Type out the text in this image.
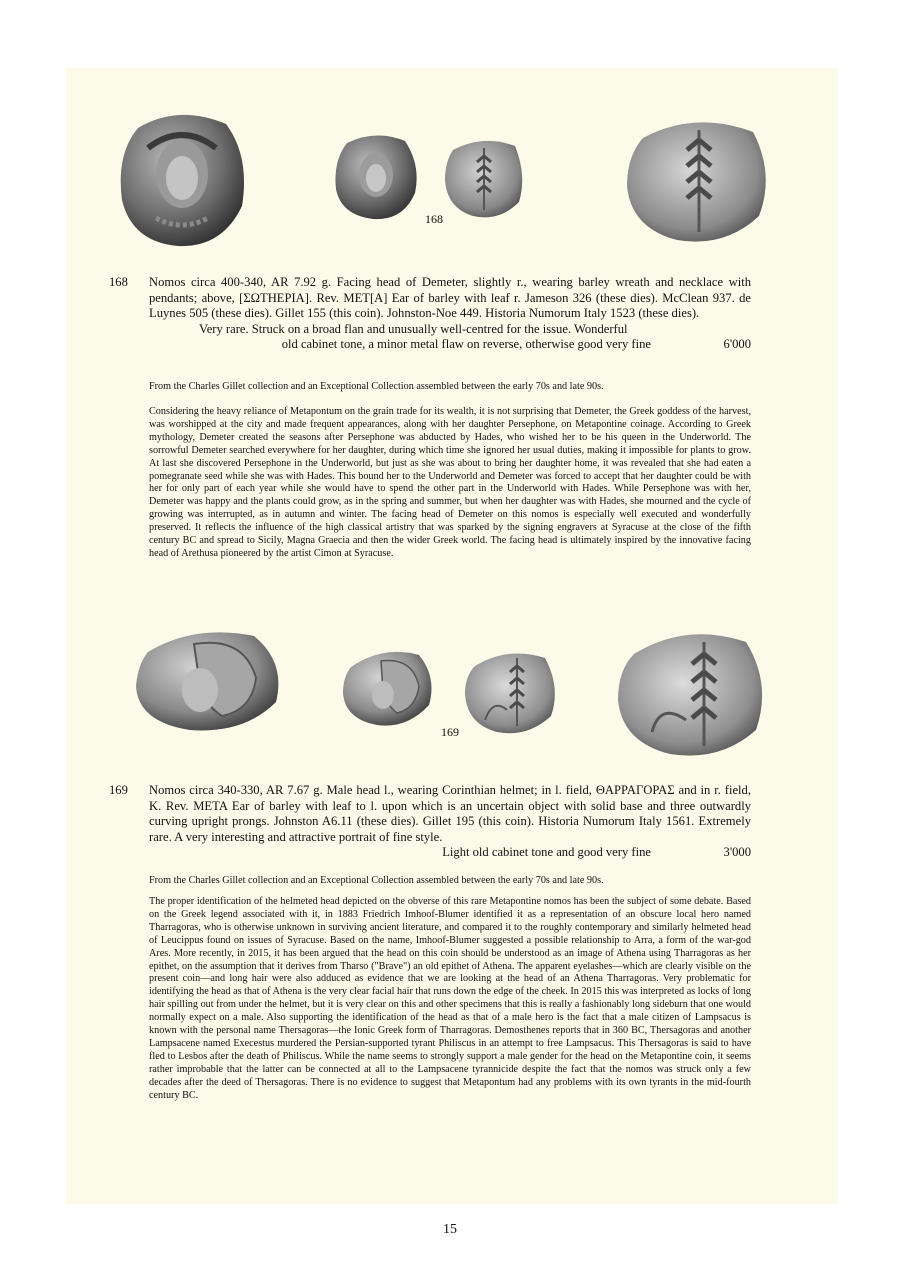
168
168 Nomos circa 400-340, AR 7.92 g. Facing head of Demeter, slightly r., wearing barley wreath and necklace with pendants; above, [ΣΩTHEPIA]. Rev. MET[A] Ear of barley with leaf r. Jameson 326 (these dies). McClean 937. de Luynes 505 (these dies). Gillet 155 (this coin). Johnston-Noe 449. Historia Numorum Italy 1523 (these dies).
Very rare. Struck on a broad flan and unusually well-centred for the issue. Wonderful
old cabinet tone, a minor metal flaw on reverse, otherwise good very fine	6'000
From the Charles Gillet collection and an Exceptional Collection assembled between the early 70s and late 90s.
Considering the heavy reliance of Metapontum on the grain trade for its wealth, it is not surprising that Demeter, the Greek goddess of the harvest, was worshipped at the city and made frequent appearances, along with her daughter Persephone, on Metapontine coinage. According to Greek mythology, Demeter created the seasons after Persephone was abducted by Hades, who wished her to be his queen in the Underworld. The sorrowful Demeter searched everywhere for her daughter, during which time she ignored her usual duties, making it impossible for plants to grow. At last she discovered Persephone in the Underworld, but just as she was about to bring her daughter home, it was revealed that she had eaten a pomegranate seed while she was with Hades. This bound her to the Underworld and Demeter was forced to accept that her daughter could be with her for only part of each year while she would have to spend the other part in the Underworld with Hades. While Persephone was with her, Demeter was happy and the plants could grow, as in the spring and summer, but when her daughter was with Hades, she mourned and the cycle of growing was interrupted, as in autumn and winter. The facing head of Demeter on this nomos is especially well executed and wonderfully preserved. It reflects the influence of the high classical artistry that was sparked by the signing engravers at Syracuse at the close of the fifth century BC and spread to Sicily, Magna Graecia and then the wider Greek world. The facing head is ultimately inspired by the innovative facing head of Arethusa pioneered by the artist Cimon at Syracuse.
169
169 Nomos circa 340-330, AR 7.67 g. Male head l., wearing Corinthian helmet; in l. field, ΘAPPAΓOPAΣ and in r. field, K. Rev. META Ear of barley with leaf to l. upon which is an uncertain object with solid base and three outwardly curving upright prongs. Johnston A6.11 (these dies). Gillet 195 (this coin). Historia Numorum Italy 1561. Extremely rare. A very interesting and attractive portrait of fine style.
Light old cabinet tone and good very fine	3'000
From the Charles Gillet collection and an Exceptional Collection assembled between the early 70s and late 90s.
The proper identification of the helmeted head depicted on the obverse of this rare Metapontine nomos has been the subject of some debate. Based on the Greek legend associated with it, in 1883 Friedrich Imhoof-Blumer identified it as a representation of an obscure local hero named Tharragoras, who is otherwise unknown in surviving ancient literature, and compared it to the roughly contemporary and similarly helmeted head of Leucippus found on issues of Syracuse. Based on the name, Imhoof-Blumer suggested a possible relationship to Arra, a form of the war-god Ares. More recently, in 2015, it has been argued that the head on this coin should be understood as an image of Athena using Tharragoras as her epithet, on the assumption that it derives from Tharso ("Brave") an old epithet of Athena. The apparent eyelashes—which are clearly visible on the present coin—and long hair were also adduced as evidence that we are looking at the head of an Athena Tharragoras. Very problematic for identifying the head as that of Athena is the very clear facial hair that runs down the edge of the cheek. In 2015 this was interpreted as locks of long hair spilling out from under the helmet, but it is very clear on this and other specimens that this is really a fashionably long sideburn that one would normally expect on a male. Also supporting the identification of the head as that of a male hero is the fact that a male citizen of Lampsacus is known with the personal name Thersagoras—the Ionic Greek form of Tharragoras. Demosthenes reports that in 360 BC, Thersagoras and another Lampsacene named Execestus murdered the Persian-supported tyrant Philiscus in an attempt to free Lampsacus. This Thersagoras is said to have fled to Lesbos after the death of Philiscus. While the name seems to strongly support a male gender for the head on the Metapontine coin, it seems rather improbable that the latter can be connected at all to the Lampsacene tyrannicide despite the fact that the nomos was struck only a few decades after the deed of Thersagoras. There is no evidence to suggest that Metapontum had any problems with its own tyrants in the mid-fourth century BC.
15
